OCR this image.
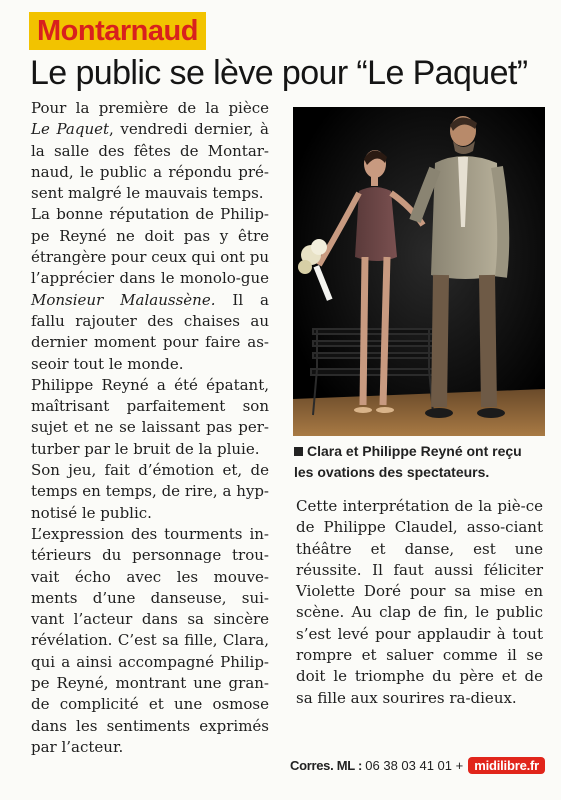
Montarnaud
Le public se lève pour “Le Paquet”

Pour la première de la pièce Le Paquet, vendredi dernier, à la salle des fêtes de Montar-naud, le public a répondu pré-sent malgré le mauvais temps.

La bonne réputation de Philip-pe Reyné ne doit pas y être étrangère pour ceux qui ont pu l’apprécier dans le monolo-gue Monsieur Malaussène. Il a fallu rajouter des chaises au dernier moment pour faire as-seoir tout le monde.

Philippe Reyné a été épatant, maîtrisant parfaitement son sujet et ne se laissant pas per-turber par le bruit de la pluie.

Son jeu, fait d’émotion et, de temps en temps, de rire, a hyp-notisé le public.

L’expression des tourments in-térieurs du personnage trou-vait écho avec les mouve-ments d’une danseuse, sui-vant l’acteur dans sa sincère révélation. C’est sa fille, Clara, qui a ainsi accompagné Philip-pe Reyné, montrant une gran-de complicité et une osmose dans les sentiments exprimés par l’acteur.

Clara et Philippe Reyné ont reçu les ovations des spectateurs.

Cette interprétation de la piè-ce de Philippe Claudel, asso-ciant théâtre et danse, est une réussite. Il faut aussi féliciter Violette Doré pour sa mise en scène. Au clap de fin, le public s’est levé pour applaudir à tout rompre et saluer comme il se doit le triomphe du père et de sa fille aux sourires ra-dieux.

Corres. ML : 06 38 03 41 01 + midilibre.fr
